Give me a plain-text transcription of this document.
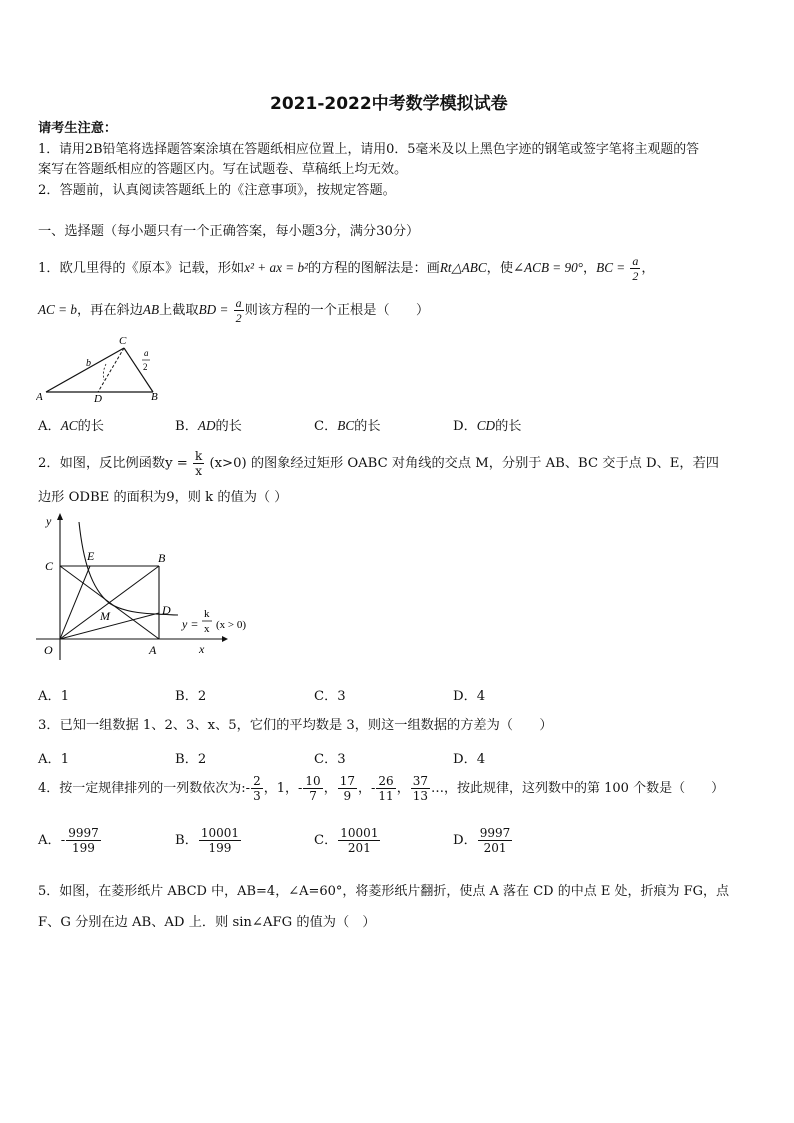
2021-2022中考数学模拟试卷
请考生注意：
1．请用2B铅笔将选择题答案涂填在答题纸相应位置上，请用0．5毫米及以上黑色字迹的钢笔或签字笔将主观题的答
案写在答题纸相应的答题区内。写在试题卷、草稿纸上均无效。
2．答题前，认真阅读答题纸上的《注意事项》，按规定答题。
一、选择题（每小题只有一个正确答案，每小题3分，满分30分）
1．欧几里得的《原本》记载，形如x² + ax = b²的方程的图解法是：画Rt△ABC，使∠ACB = 90°，BC = $\frac{a}{2}$ ，
AC = b，再在斜边AB上截取BD = $\frac{a}{2}$ 则该方程的一个正根是（　　）
A	B
C
D
b
a
2
A．AC的长	B．AD的长	C．BC的长	D．CD的长
2．如图，反比例函数$y = \frac{k}{x} (x>0)$ 的图象经过矩形 OABC 对角线的交点 M，分别于 AB、BC 交于点 D、E，若四
边形 ODBE 的面积为9，则 k 的值为（ ）
y
x
O	A
B
C
D
E
M
y =
k
x (x > 0)
A．1	B．2	C．3	D．4
3．已知一组数据 1、2、3、x、5，它们的平均数是 3，则这一组数据的方差为（　　）
A．1	B．2	C．3	D．4
4．按一定规律排列的一列数依次为:- $\frac{2}{3}$ ，1，- $\frac{10}{7}$ ， $\frac{17}{9}$ ，- $\frac{26}{11}$ ， $\frac{37}{13}$ …，按此规律，这列数中的第 100 个数是（　　）
A．- $\frac{9997}{199}$	B． $\frac{10001}{199}$	C． $\frac{10001}{201}$	D． $\frac{9997}{201}$
5．如图，在菱形纸片 ABCD 中，AB=4，∠A=60°，将菱形纸片翻折，使点 A 落在 CD 的中点 E 处，折痕为 FG，点
F、G 分别在边 AB、AD 上．则 sin∠AFG 的值为（　）
